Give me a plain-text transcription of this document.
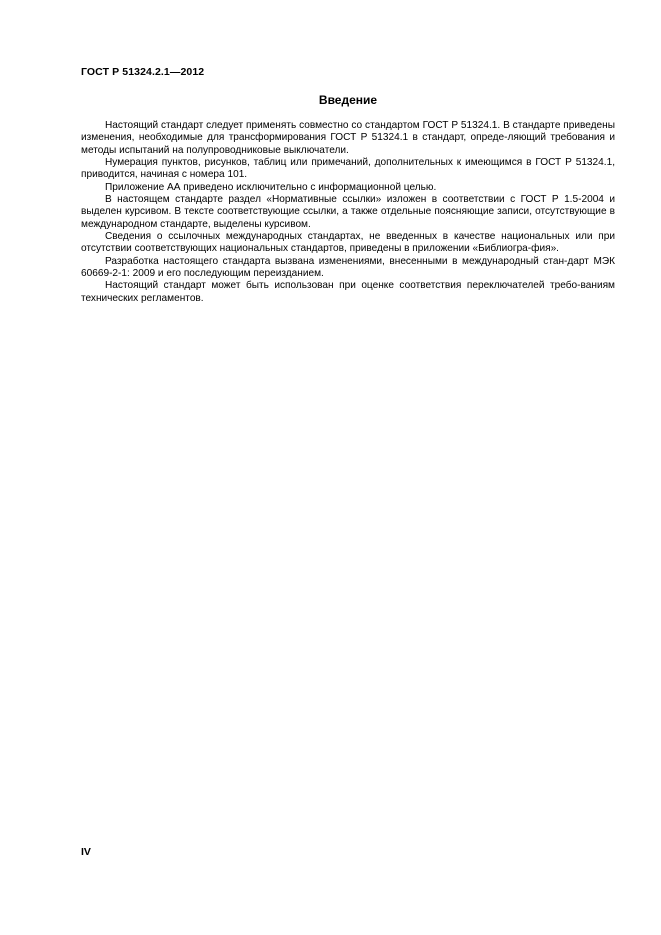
ГОСТ Р 51324.2.1—2012
Введение

Настоящий стандарт следует применять совместно со стандартом ГОСТ Р 51324.1. В стандарте приведены изменения, необходимые для трансформирования ГОСТ Р 51324.1 в стандарт, опреде-ляющий требования и методы испытаний на полупроводниковые выключатели.

Нумерация пунктов, рисунков, таблиц или примечаний, дополнительных к имеющимся в ГОСТ Р 51324.1, приводится, начиная с номера 101.

Приложение АА приведено исключительно с информационной целью.

В настоящем стандарте раздел «Нормативные ссылки» изложен в соответствии с ГОСТ Р 1.5-2004 и выделен курсивом. В тексте соответствующие ссылки, а также отдельные поясняющие записи, отсутствующие в международном стандарте, выделены курсивом.

Сведения о ссылочных международных стандартах, не введенных в качестве национальных или при отсутствии соответствующих национальных стандартов, приведены в приложении «Библиогра-фия».

Разработка настоящего стандарта вызвана изменениями, внесенными в международный стан-дарт МЭК 60669-2-1: 2009 и его последующим переизданием.

Настоящий стандарт может быть использован при оценке соответствия переключателей требо-ваниям технических регламентов.

IV
